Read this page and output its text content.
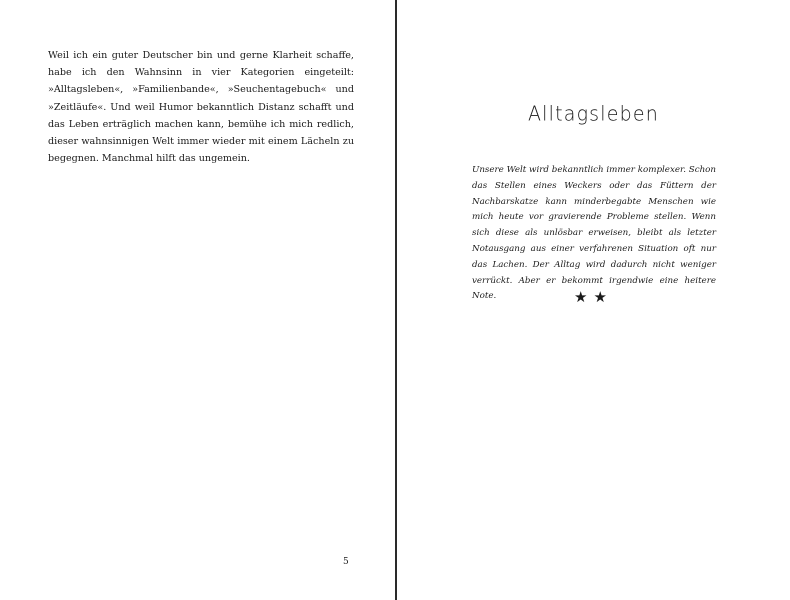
Weil ich ein guter Deutscher bin und gerne Klarheit schaffe, habe ich den Wahnsinn in vier Kategorien eingeteilt: »Alltagsleben«, »Familienbande«, »Seuchentagebuch« und »Zeitläufe«. Und weil Humor bekanntlich Distanz schafft und das Leben erträglich machen kann, bemühe ich mich redlich, dieser wahnsinnigen Welt immer wieder mit einem Lächeln zu begegnen. Manchmal hilft das ungemein.

5

Alltagsleben

Unsere Welt wird bekanntlich immer komplexer. Schon das Stellen eines Weckers oder das Füttern der Nachbarskatze kann minderbegabte Menschen wie mich heute vor gravierende Probleme stellen. Wenn sich diese als unlösbar erweisen, bleibt als letzter Notausgang aus einer verfahrenen Situation oft nur das Lachen. Der Alltag wird dadurch nicht weniger verrückt. Aber er bekommt irgendwie eine heitere Note.	★★
